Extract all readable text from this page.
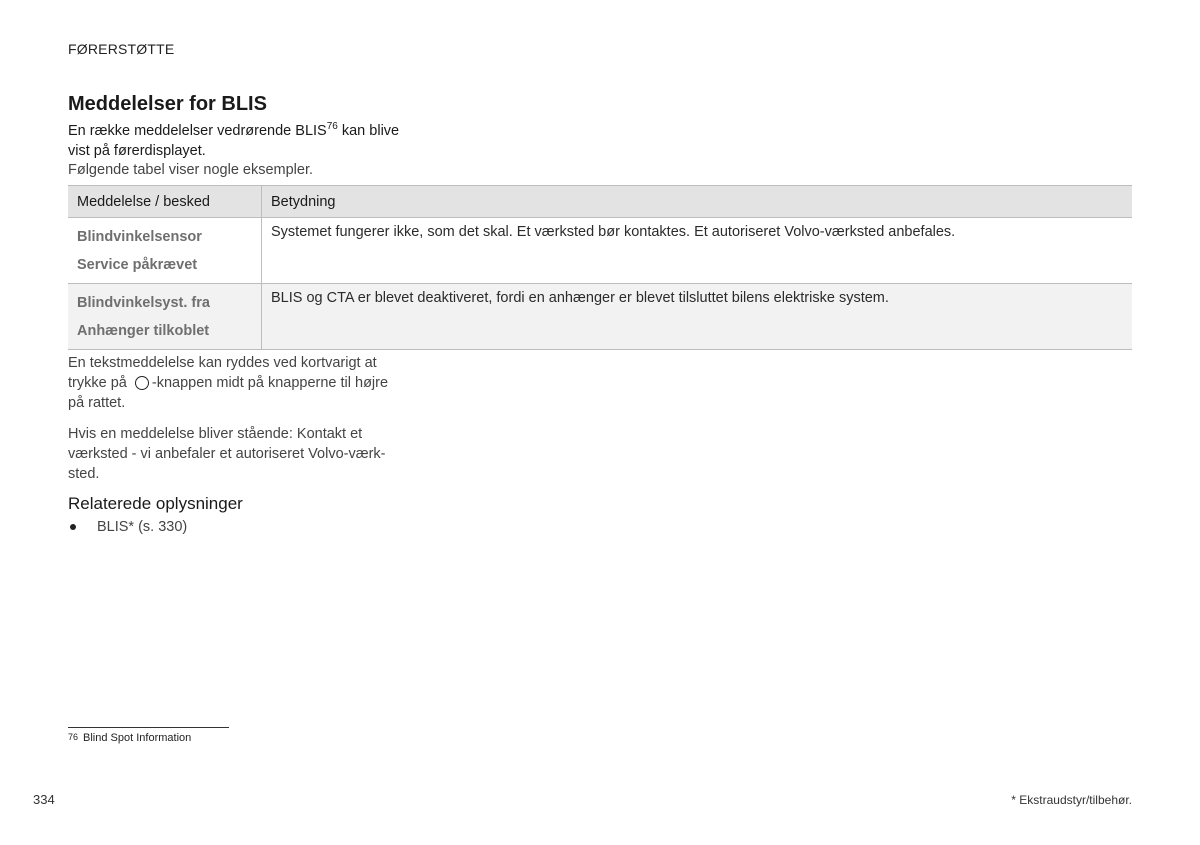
FØRERSTØTTE
Meddelelser for BLIS
En række meddelelser vedrørende BLIS$^{76}$ kan blive vist på førerdisplayet.
Følgende tabel viser nogle eksempler.
Meddelelse / besked	Betydning

Blindvinkelsensor
Service påkrævet	Systemet fungerer ikke, som det skal. Et værksted bør kontaktes. Et autoriseret Volvo-værksted anbefales.

Blindvinkelsyst. fra
Anhænger tilkoblet	BLIS og CTA er blevet deaktiveret, fordi en anhænger er blevet tilsluttet bilens elektriske system.
En tekstmeddelelse kan ryddes ved kortvarigt at trykke på -knappen midt på knapperne til højre på rattet.
Hvis en meddelelse bliver stående: Kontakt et værksted - vi anbefaler et autoriseret Volvo-værk-sted.
Relaterede oplysninger
BLIS* (s. 330)
76 Blind Spot Information
334	* Ekstraudstyr/tilbehør.
